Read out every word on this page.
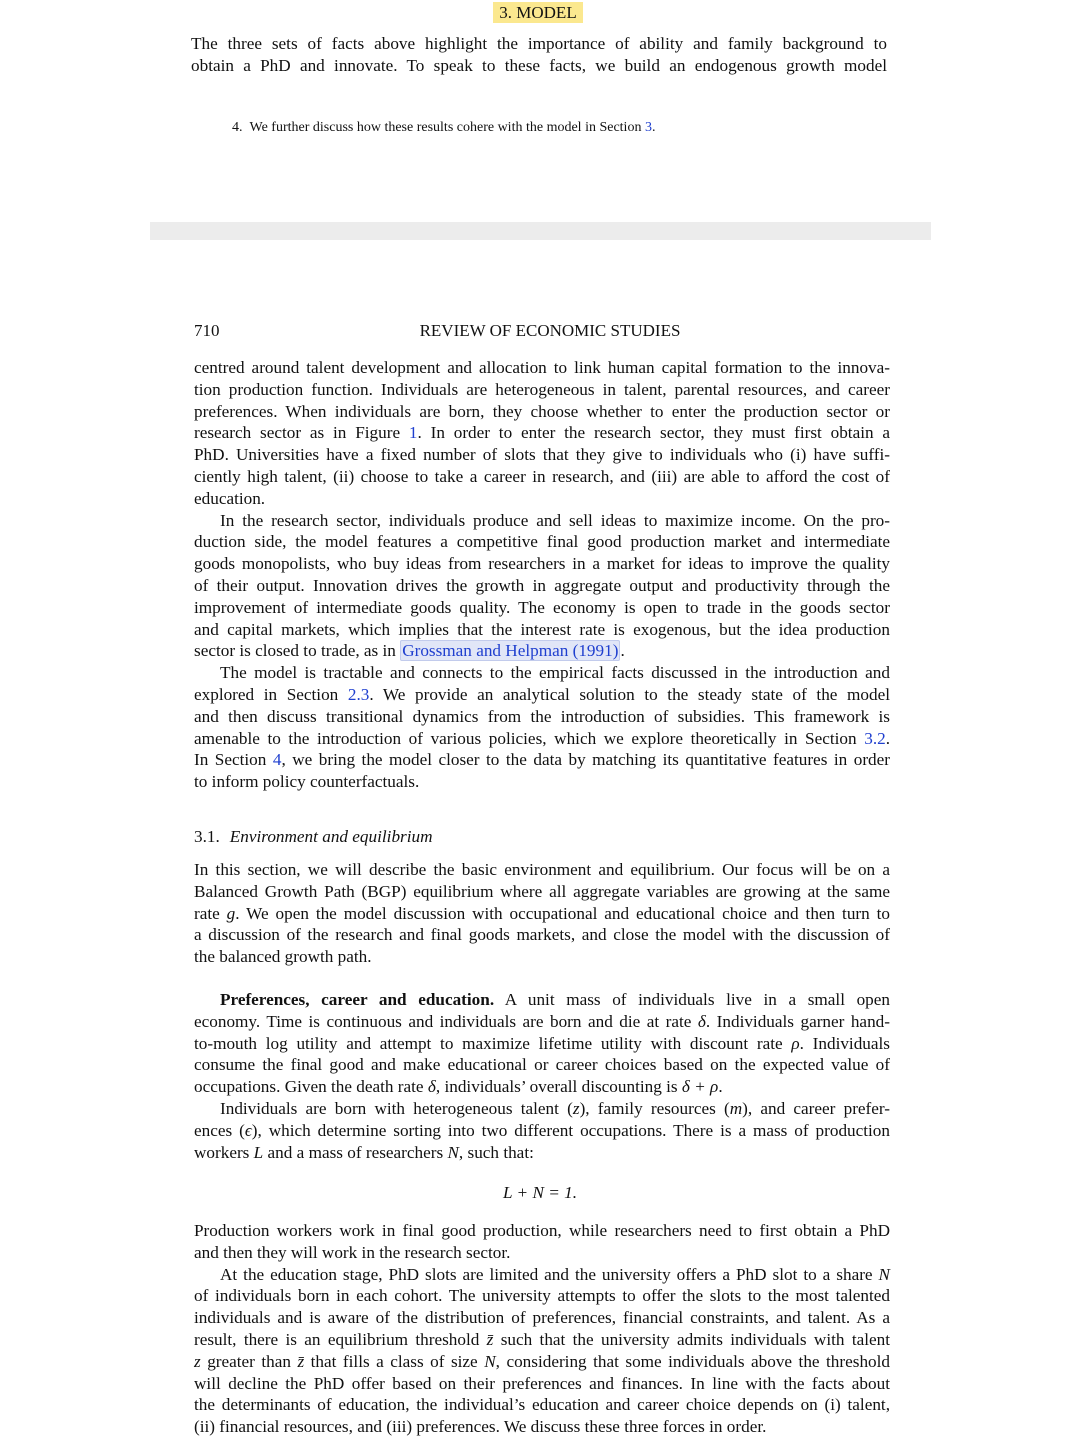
3. MODEL
The three sets of facts above highlight the importance of ability and family background to
obtain a PhD and innovate. To speak to these facts, we build an endogenous growth model
4. We further discuss how these results cohere with the model in Section 3.
710	REVIEW OF ECONOMIC STUDIES
centred around talent development and allocation to link human capital formation to the innova-
tion production function. Individuals are heterogeneous in talent, parental resources, and career
preferences. When individuals are born, they choose whether to enter the production sector or
research sector as in Figure 1. In order to enter the research sector, they must first obtain a
PhD. Universities have a fixed number of slots that they give to individuals who (i) have suffi-
ciently high talent, (ii) choose to take a career in research, and (iii) are able to afford the cost of
education.
In the research sector, individuals produce and sell ideas to maximize income. On the pro-
duction side, the model features a competitive final good production market and intermediate
goods monopolists, who buy ideas from researchers in a market for ideas to improve the quality
of their output. Innovation drives the growth in aggregate output and productivity through the
improvement of intermediate goods quality. The economy is open to trade in the goods sector
and capital markets, which implies that the interest rate is exogenous, but the idea production
sector is closed to trade, as in Grossman and Helpman (1991) .
The model is tractable and connects to the empirical facts discussed in the introduction and
explored in Section 2.3. We provide an analytical solution to the steady state of the model
and then discuss transitional dynamics from the introduction of subsidies. This framework is
amenable to the introduction of various policies, which we explore theoretically in Section 3.2.
In Section 4, we bring the model closer to the data by matching its quantitative features in order
to inform policy counterfactuals.
3.1. Environment and equilibrium
In this section, we will describe the basic environment and equilibrium. Our focus will be on a
Balanced Growth Path (BGP) equilibrium where all aggregate variables are growing at the same
rate g. We open the model discussion with occupational and educational choice and then turn to
a discussion of the research and final goods markets, and close the model with the discussion of
the balanced growth path.
Preferences, career and education. A unit mass of individuals live in a small open
economy. Time is continuous and individuals are born and die at rate δ. Individuals garner hand-
to-mouth log utility and attempt to maximize lifetime utility with discount rate ρ. Individuals
consume the final good and make educational or career choices based on the expected value of
occupations. Given the death rate δ, individuals’ overall discounting is δ + ρ.
Individuals are born with heterogeneous talent (z), family resources (m), and career prefer-
ences (ϵ), which determine sorting into two different occupations. There is a mass of production
workers L and a mass of researchers N, such that:
L + N = 1.
Production workers work in final good production, while researchers need to first obtain a PhD
and then they will work in the research sector.
At the education stage, PhD slots are limited and the university offers a PhD slot to a share N
of individuals born in each cohort. The university attempts to offer the slots to the most talented
individuals and is aware of the distribution of preferences, financial constraints, and talent. As a
result, there is an equilibrium threshold z̄ such that the university admits individuals with talent
z greater than z̄ that fills a class of size N, considering that some individuals above the threshold
will decline the PhD offer based on their preferences and finances. In line with the facts about
the determinants of education, the individual’s education and career choice depends on (i) talent,
(ii) financial resources, and (iii) preferences. We discuss these three forces in order.
